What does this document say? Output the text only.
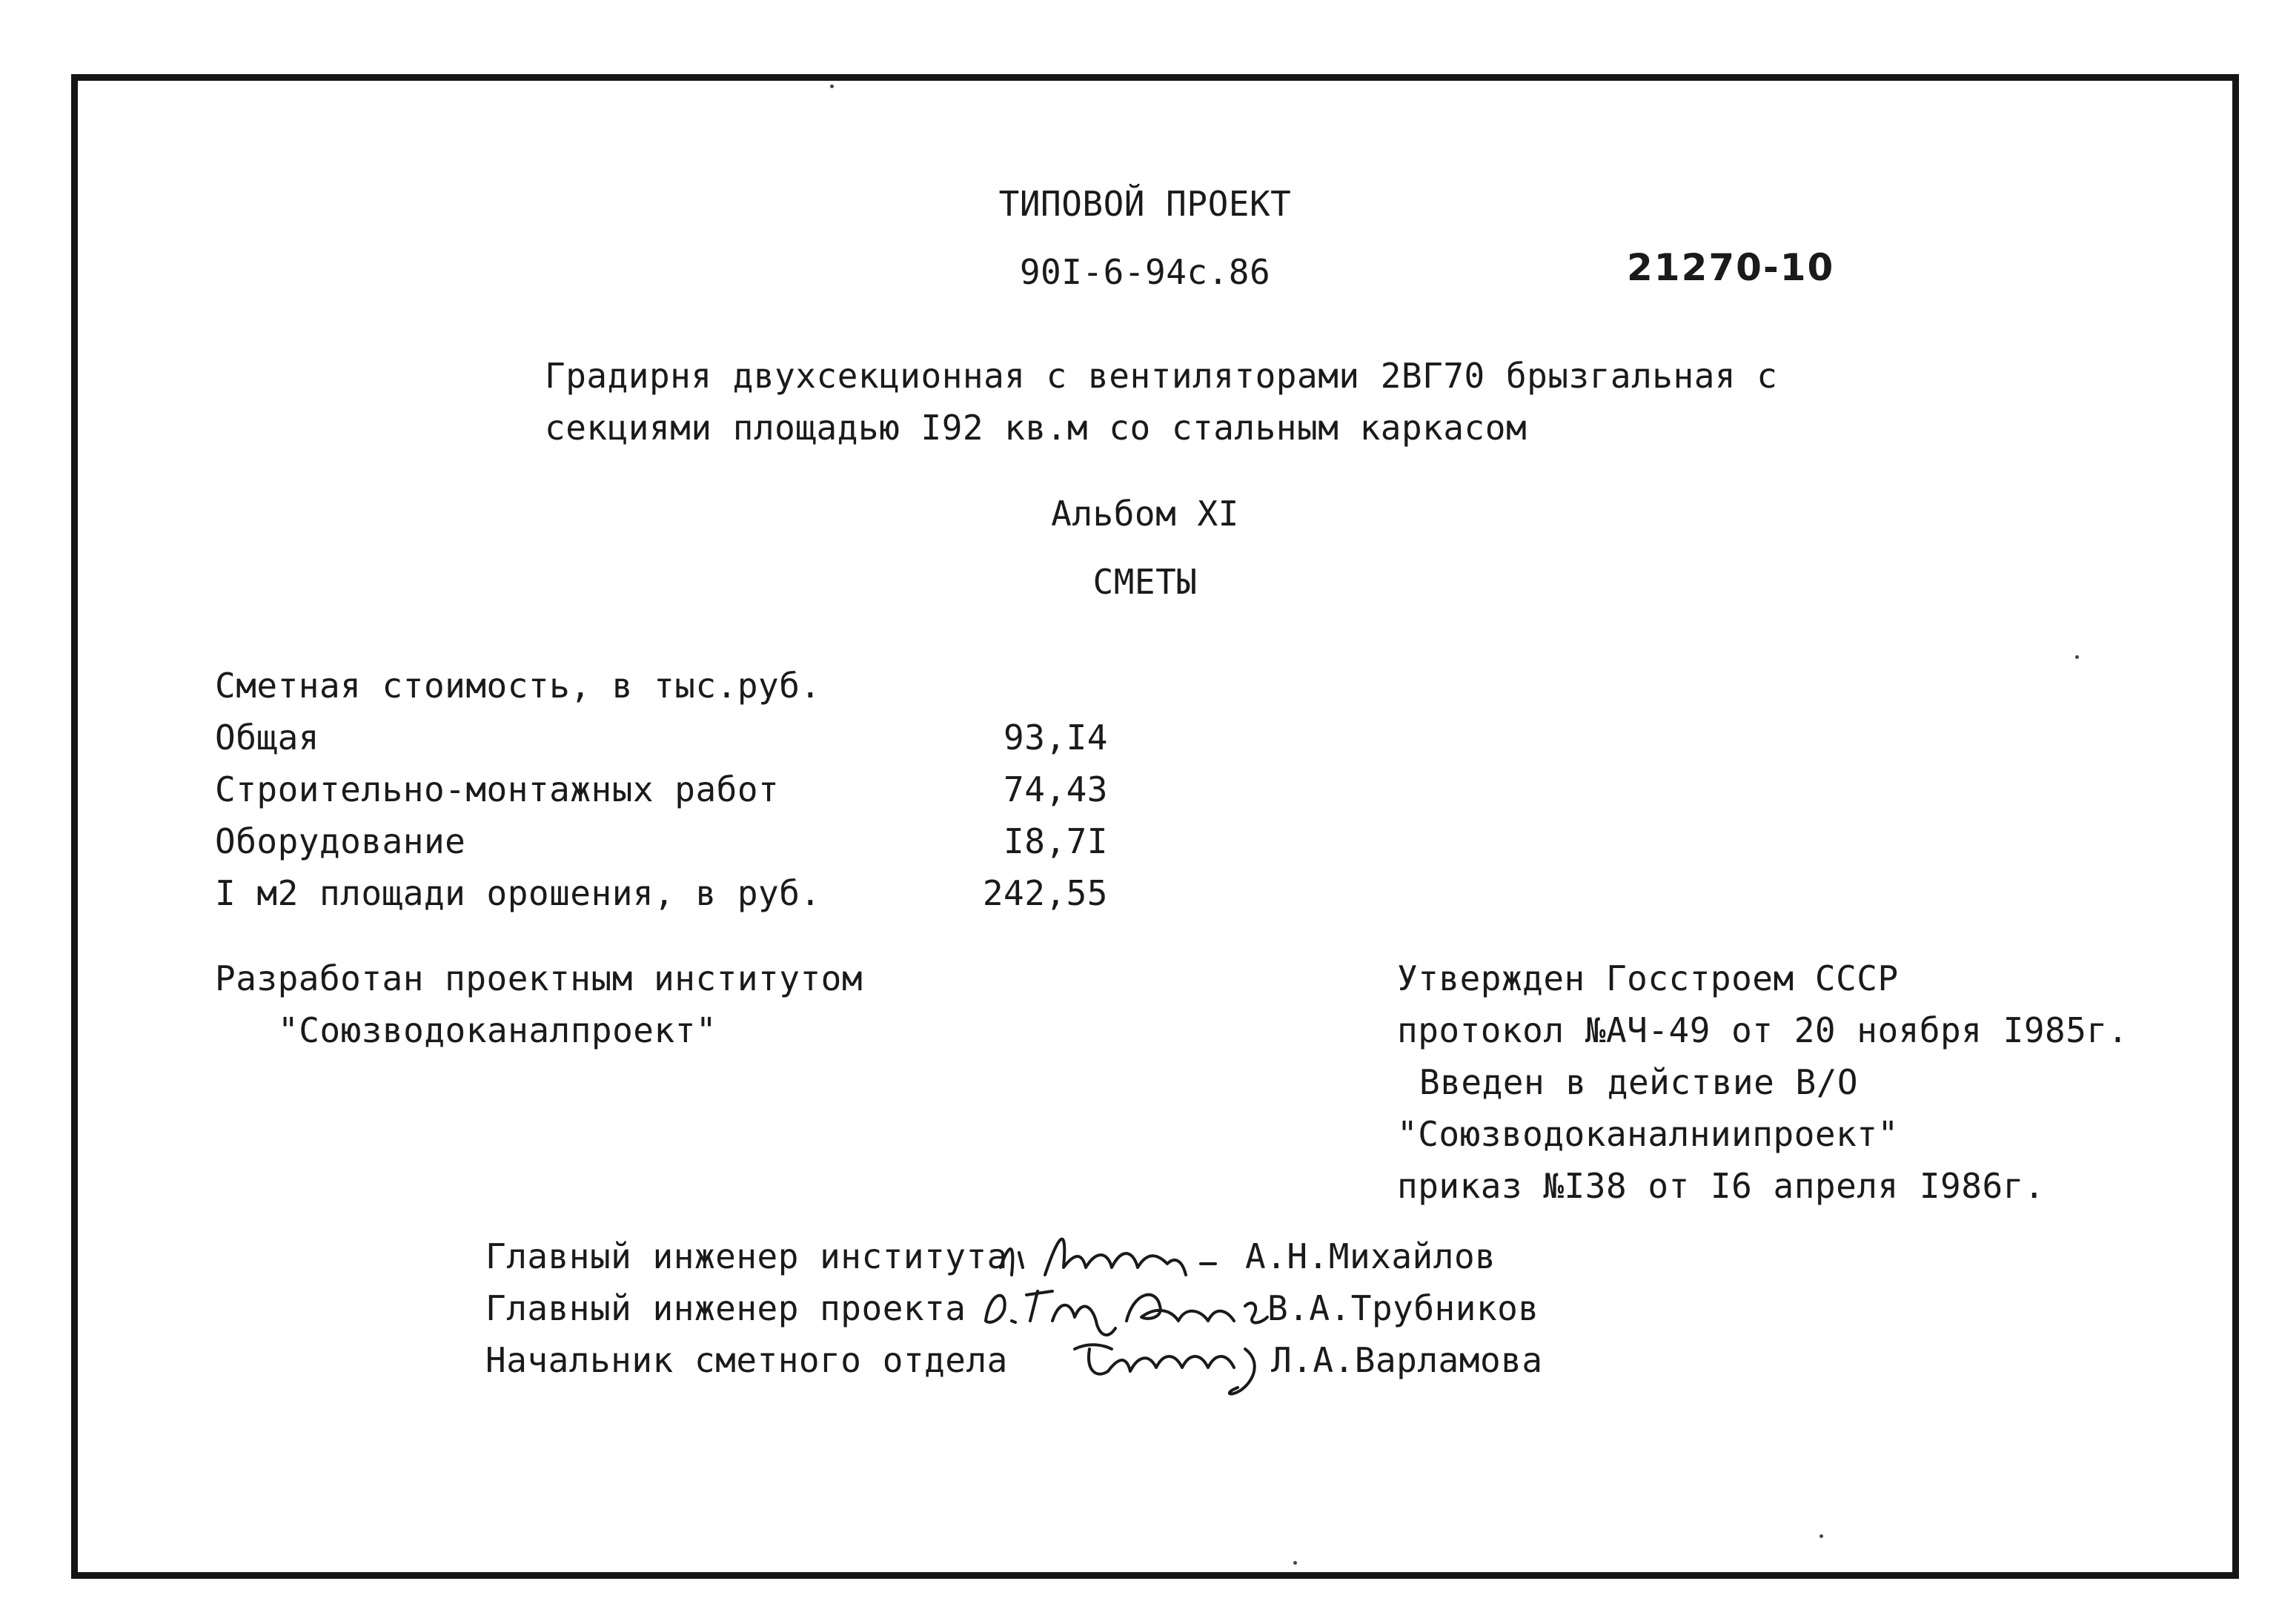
ТИПОВОЙ ПРОЕКТ
90I-6-94с.86	21270-10
Градирня двухсекционная с вентиляторами 2ВГ70 брызгальная с
секциями площадью I92 кв.м со стальным каркасом
Альбом XI
СМЕТЫ
Сметная стоимость, в тыс.руб.
Общая	93,I4
Строительно-монтажных работ	74,43
Оборудование	I8,7I
I м2 площади орошения, в руб.	242,55
Разработан проектным институтом
"Союзводоканалпроект"
Утвержден Госстроем СССР
протокол №АЧ-49 от 20 ноября I985г.
Введен в действие В/О
"Союзводоканалниипроект"
приказ №I38 от I6 апреля I986г.
Главный инженер института	А.Н.Михайлов
Главный инженер проекта	В.А.Трубников
Начальник сметного отдела	Л.А.Варламова
